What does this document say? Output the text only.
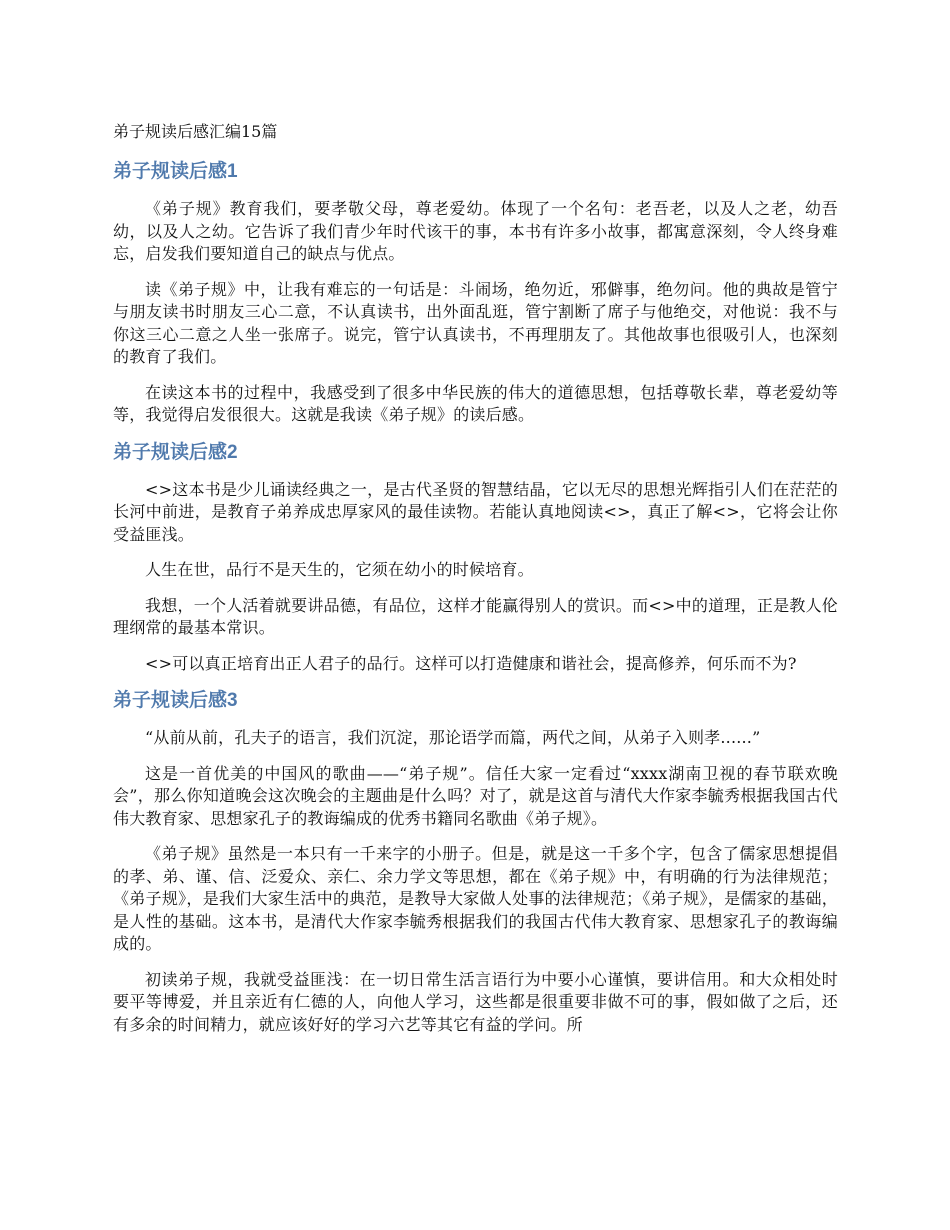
弟子规读后感汇编15篇
弟子规读后感1

《弟子规》教育我们，要孝敬父母，尊老爱幼。体现了一个名句：老吾老，以及人之老，幼吾幼，以及人之幼。它告诉了我们青少年时代该干的事，本书有许多小故事，都寓意深刻，令人终身难忘，启发我们要知道自己的缺点与优点。

读《弟子规》中，让我有难忘的一句话是：斗闹场，绝勿近，邪僻事，绝勿问。他的典故是管宁与朋友读书时朋友三心二意，不认真读书，出外面乱逛，管宁割断了席子与他绝交，对他说：我不与你这三心二意之人坐一张席子。说完，管宁认真读书，不再理朋友了。其他故事也很吸引人，也深刻的教育了我们。

在读这本书的过程中，我感受到了很多中华民族的伟大的道德思想，包括尊敬长辈，尊老爱幼等等，我觉得启发很很大。这就是我读《弟子规》的读后感。

弟子规读后感2

<>这本书是少儿诵读经典之一，是古代圣贤的智慧结晶，它以无尽的思想光辉指引人们在茫茫的长河中前进，是教育子弟养成忠厚家风的最佳读物。若能认真地阅读<>，真正了解<>，它将会让你受益匪浅。

人生在世，品行不是天生的，它须在幼小的时候培育。

我想，一个人活着就要讲品德，有品位，这样才能赢得别人的赏识。而<>中的道理，正是教人伦理纲常的最基本常识。

<>可以真正培育出正人君子的品行。这样可以打造健康和谐社会，提高修养，何乐而不为?

弟子规读后感3

“从前从前，孔夫子的语言，我们沉淀，那论语学而篇，两代之间，从弟子入则孝......”

这是一首优美的中国风的歌曲——“弟子规”。信任大家一定看过“xxxx湖南卫视的春节联欢晚会”，那么你知道晚会这次晚会的主题曲是什么吗？对了，就是这首与清代大作家李毓秀根据我国古代伟大教育家、思想家孔子的教诲编成的优秀书籍同名歌曲《弟子规》。

《弟子规》虽然是一本只有一千来字的小册子。但是，就是这一千多个字，包含了儒家思想提倡的孝、弟、谨、信、泛爱众、亲仁、余力学文等思想，都在《弟子规》中，有明确的行为法律规范；《弟子规》，是我们大家生活中的典范，是教导大家做人处事的法律规范；《弟子规》，是儒家的基础，是人性的基础。这本书，是清代大作家李毓秀根据我们的我国古代伟大教育家、思想家孔子的教诲编成的。

初读弟子规，我就受益匪浅：在一切日常生活言语行为中要小心谨慎，要讲信用。和大众相处时要平等博爱，并且亲近有仁德的人，向他人学习，这些都是很重要非做不可的事，假如做了之后，还有多余的时间精力，就应该好好的学习六艺等其它有益的学问。所
